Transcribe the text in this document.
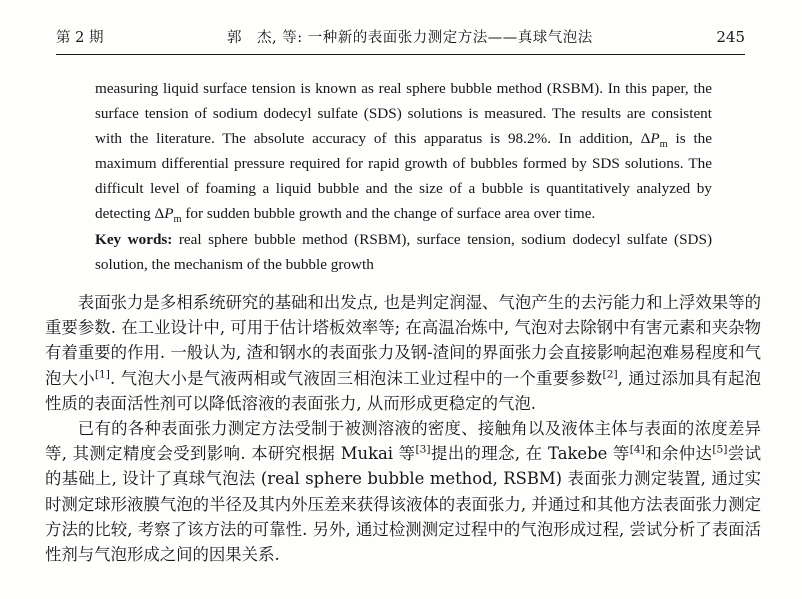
第 2 期	郭　杰, 等: 一种新的表面张力测定方法——真球气泡法	245

measuring liquid surface tension is known as real sphere bubble method (RSBM). In this paper, the surface tension of sodium dodecyl sulfate (SDS) solutions is measured. The results are consistent with the literature. The absolute accuracy of this apparatus is 98.2%. In addition, $\Delta P_m$ is the maximum differential pressure required for rapid growth of bubbles formed by SDS solutions. The difficult level of foaming a liquid bubble and the size of a bubble is quantitatively analyzed by detecting $\Delta P_m$ for sudden bubble growth and the change of surface area over time.

Key words: real sphere bubble method (RSBM), surface tension, sodium dodecyl sulfate (SDS) solution, the mechanism of the bubble growth

表面张力是多相系统研究的基础和出发点, 也是判定润湿、气泡产生的去污能力和上浮效果等的重要参数. 在工业设计中, 可用于估计塔板效率等; 在高温冶炼中, 气泡对去除钢中有害元素和夹杂物有着重要的作用. 一般认为, 渣和钢水的表面张力及钢-渣间的界面张力会直接影响起泡难易程度和气泡大小[1]. 气泡大小是气液两相或气液固三相泡沫工业过程中的一个重要参数[2], 通过添加具有起泡性质的表面活性剂可以降低溶液的表面张力, 从而形成更稳定的气泡.

已有的各种表面张力测定方法受制于被测溶液的密度、接触角以及液体主体与表面的浓度差异等, 其测定精度会受到影响. 本研究根据 Mukai 等[3]提出的理念, 在 Takebe 等[4]和余仲达[5]尝试的基础上, 设计了真球气泡法 (real sphere bubble method, RSBM) 表面张力测定装置, 通过实时测定球形液膜气泡的半径及其内外压差来获得该液体的表面张力, 并通过和其他方法表面张力测定方法的比较, 考察了该方法的可靠性. 另外, 通过检测测定过程中的气泡形成过程, 尝试分析了表面活性剂与气泡形成之间的因果关系.
